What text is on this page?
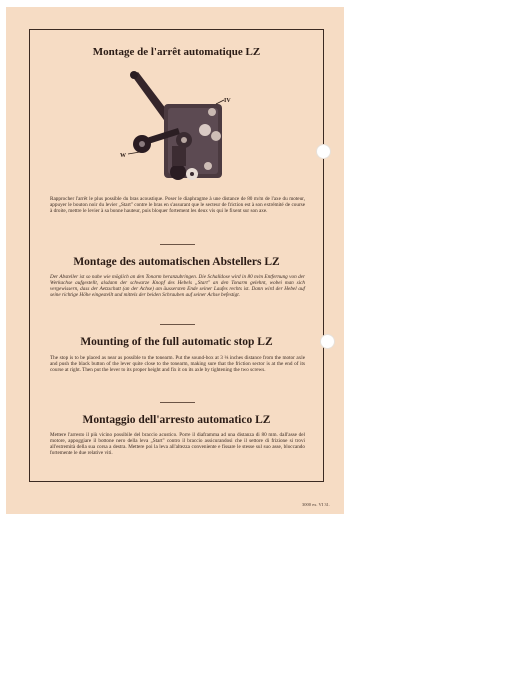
Montage de l'arrêt automatique LZ
IV
W

Rapprocher l'arrêt le plus possible du bras acoustique. Poser le diaphragme à une distance de 80 m/m de l'axe du moteur, appuyer le bouton noir du levier „Start" contre le bras en s'assurant que le secteur de friction est à son extrémité de course à droite, mettre le levier à sa bonne hauteur, puis bloquer fortement les deux vis qui le fixent sur son axe.

Montage des automatischen Abstellers LZ

Der Absteller ist so nahe wie möglich an den Tonarm heranzubringen. Die Schalldose wird in 80 m/m Entfernung von der Werkachse aufgestellt, alsdann der schwarze Knopf des Hebels „Start" an den Tonarm gelehnt, wobei man sich vergewissern, dass der Aetzschutt (an der Achse) am äussersten Ende seiner Laufes rechts ist. Dann wird der Hebel auf seine richtige Höhe eingestellt und mittels der beiden Schrauben auf seiner Achse befestigt.

Mounting of the full automatic stop LZ

The stop is to be placed as near as possible to the tonearm. Put the sound-box at 3 ⅛ inches distance from the motor axle and push the black button of the lever quite close to the tonearm, making sure that the friction sector is at the end of its course at right. Then put the lever to its proper height and fix it on its axle by tightening the two screws.

Montaggio dell'arresto automatico LZ

Mettere l'arresto il più vicino possibile del braccio acustico. Porre il diaframma ad una distanza di 80 mm. dall'asse del motore, appoggiare il bottone nero della leva „Start" contro il braccio assicurandosi che il settore di frizione si trovi all'estremità della sua corsa a destra. Mettere poi la leva all'altezza conveniente e fissare le stesse sul suo asse, bloccando fortemente le due relative viti.

3000 ex. VI 31.
